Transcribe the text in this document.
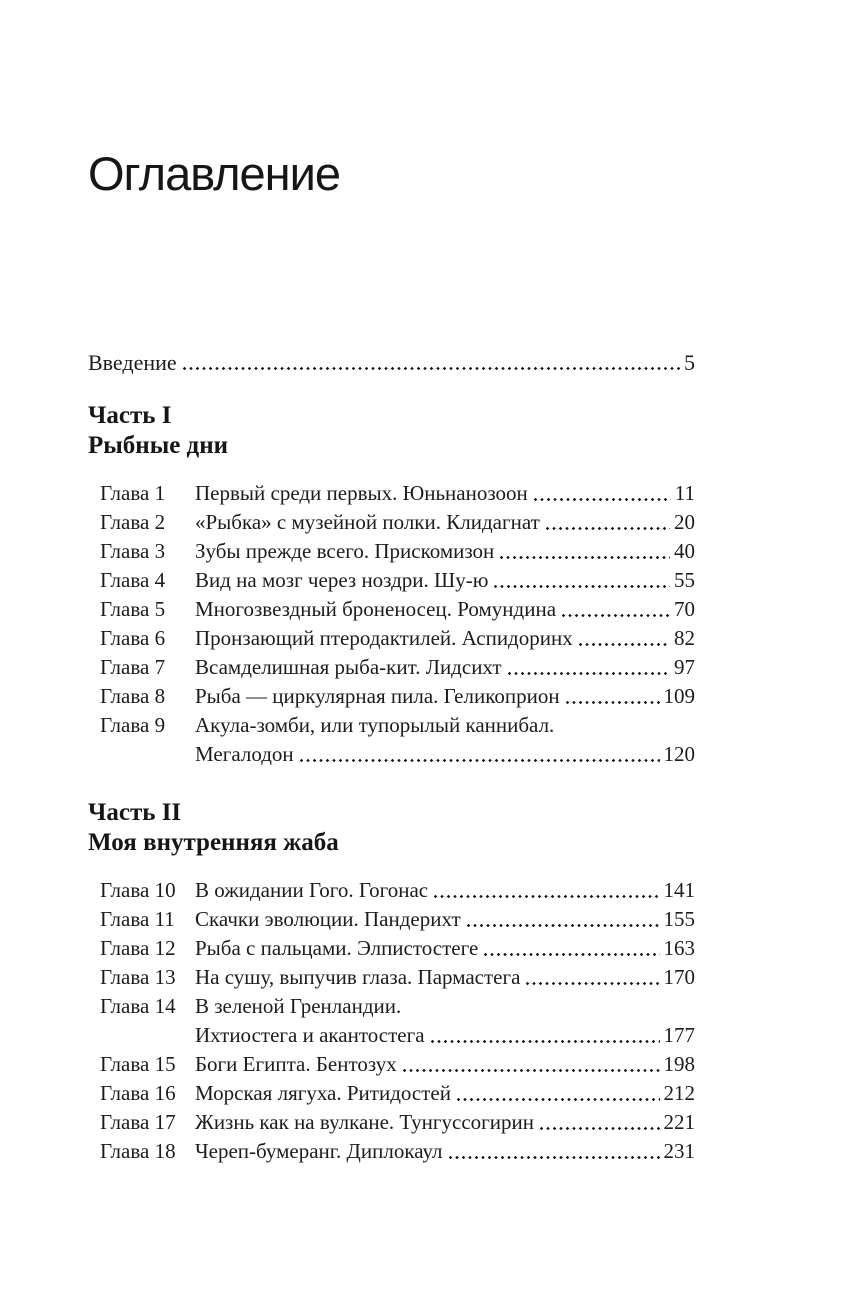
Оглавление
Введение	5
Часть I
Рыбные дни
Глава 1	Первый среди первых. Юньнанозоон	11
Глава 2	«Рыбка» с музейной полки. Клидагнат	20
Глава 3	Зубы прежде всего. Прискомизон	40
Глава 4	Вид на мозг через ноздри. Шу-ю	55
Глава 5	Многозвездный броненосец. Ромундина	70
Глава 6	Пронзающий птеродактилей. Аспидоринх	82
Глава 7	Всамделишная рыба-кит. Лидсихт	97
Глава 8	Рыба — циркулярная пила. Геликоприон	109
Глава 9	Акула-зомби, или тупорылый каннибал.
Мегалодон	120
Часть II
Моя внутренняя жаба
Глава 10 В ожидании Гого. Гогонас	141
Глава 11 Скачки эволюции. Пандерихт	155
Глава 12 Рыба с пальцами. Элпистостеге	163
Глава 13 На сушу, выпучив глаза. Пармастега	170
Глава 14 В зеленой Гренландии.
Ихтиостега и акантостега	177
Глава 15 Боги Египта. Бентозух	198
Глава 16 Морская лягуха. Ритидостей	212
Глава 17 Жизнь как на вулкане. Тунгуссогирин	221
Глава 18 Череп-бумеранг. Диплокаул	231
